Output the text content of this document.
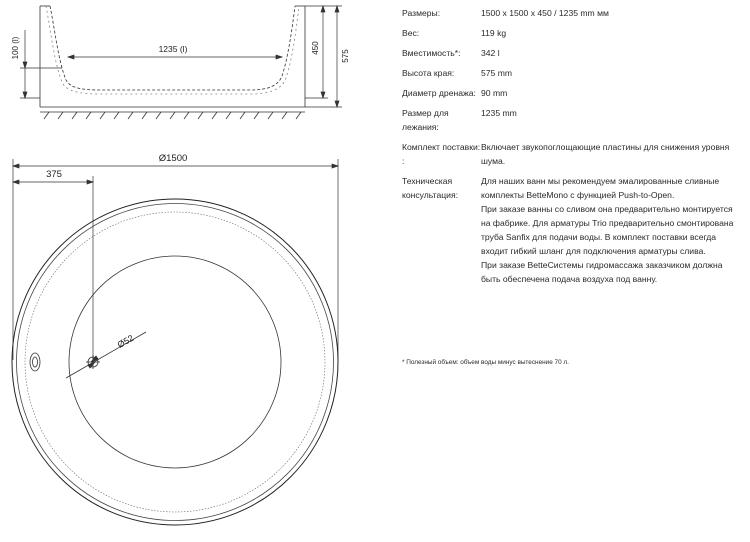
1235 (l)
100 (l)	450
575
Ø1500
375
Ø52
Размеры:	1500 x 1500 x 450 / 1235 mm мм

Вес:	119 kg

Вместимость*:	342 l

Высота края:	575 mm

Диаметр дренажа: 90 mm

Размер для лежания:

1235 mm

Комплект поставки: :

Включает звукопоглощающие пластины для снижения уровня шума.

Техническая консультация:

Для наших ванн мы рекомендуем эмалированные сливные комплекты BetteMono с функцией Push-to-Open.

При заказе ванны со сливом она предварительно монтируется на фабрике. Для арматуры Trio предварительно смонтирована труба Sanfix для подачи воды. В комплект поставки всегда входит гибкий шланг для подключения арматуры слива.

При заказе BetteСистемы гидромассажа заказчиком должна быть обеспечена подача воздуха под ванну.

* Полезный объем: объем воды минус вытеснение 70 л.
